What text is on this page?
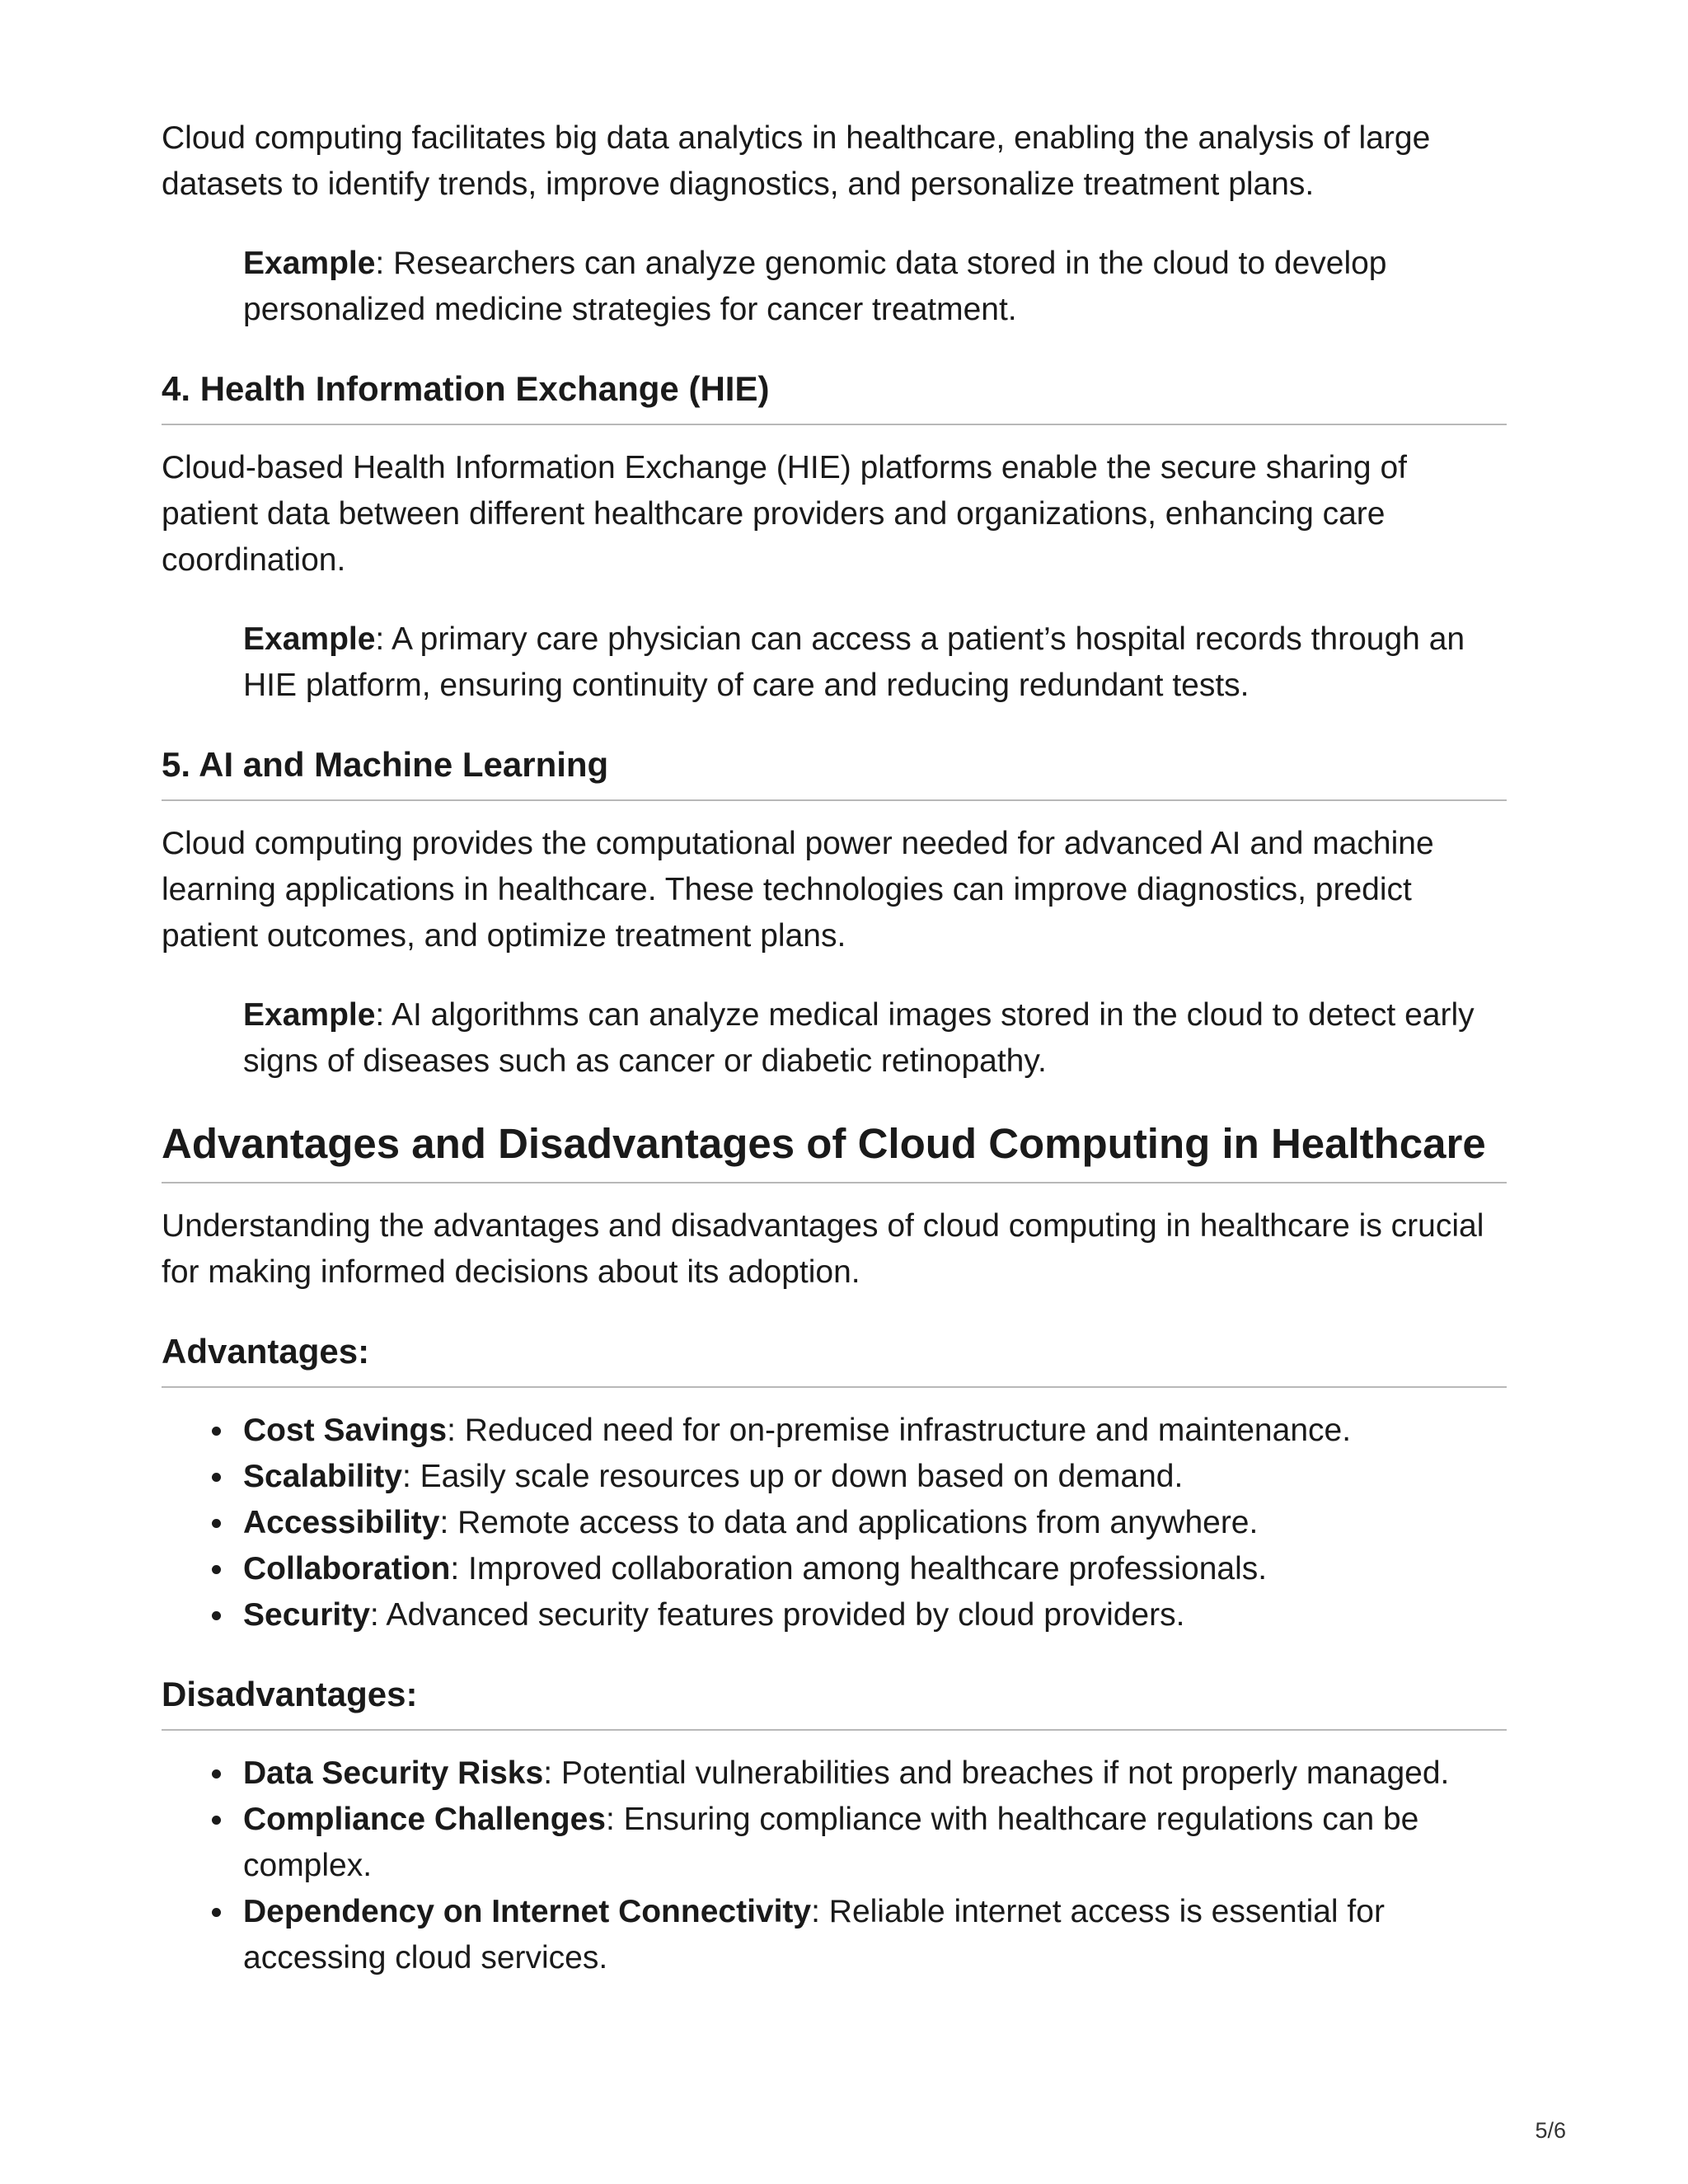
Cloud computing facilitates big data analytics in healthcare, enabling the analysis of large datasets to identify trends, improve diagnostics, and personalize treatment plans.

Example: Researchers can analyze genomic data stored in the cloud to develop personalized medicine strategies for cancer treatment.

4. Health Information Exchange (HIE)

Cloud-based Health Information Exchange (HIE) platforms enable the secure sharing of patient data between different healthcare providers and organizations, enhancing care coordination.

Example: A primary care physician can access a patient’s hospital records through an HIE platform, ensuring continuity of care and reducing redundant tests.

5. AI and Machine Learning

Cloud computing provides the computational power needed for advanced AI and machine learning applications in healthcare. These technologies can improve diagnostics, predict patient outcomes, and optimize treatment plans.

Example: AI algorithms can analyze medical images stored in the cloud to detect early signs of diseases such as cancer or diabetic retinopathy.

Advantages and Disadvantages of Cloud Computing in Healthcare

Understanding the advantages and disadvantages of cloud computing in healthcare is crucial for making informed decisions about its adoption.

Advantages:
Cost Savings: Reduced need for on-premise infrastructure and maintenance.
Scalability: Easily scale resources up or down based on demand.
Accessibility: Remote access to data and applications from anywhere.
Collaboration: Improved collaboration among healthcare professionals.
Security: Advanced security features provided by cloud providers.
Disadvantages:
Data Security Risks: Potential vulnerabilities and breaches if not properly managed.
Compliance Challenges: Ensuring compliance with healthcare regulations can be complex.
Dependency on Internet Connectivity: Reliable internet access is essential for accessing cloud services.
5/6
